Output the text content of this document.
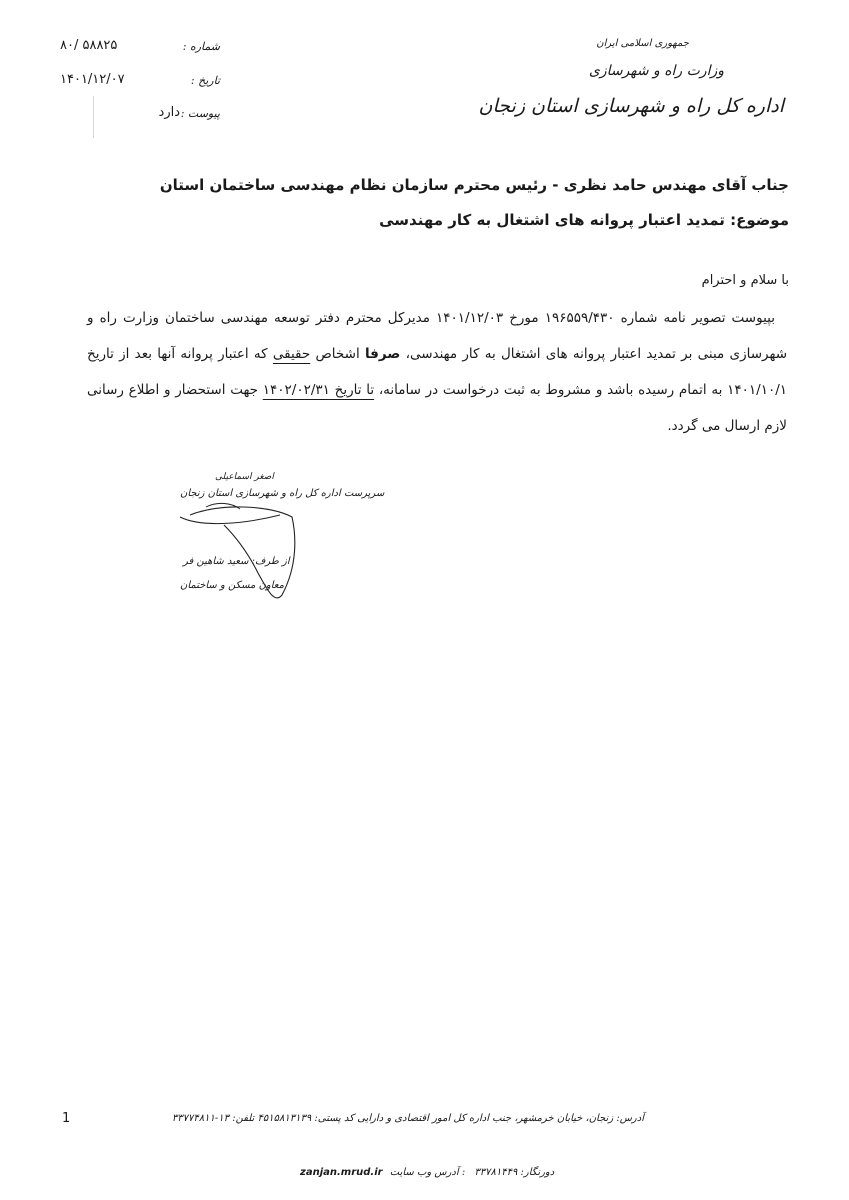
۸۰/ ۵۸۸۲۵	شماره :
۱۴۰۱/۱۲/۰۷	تاریخ :
دارد پیوست :
جمهوری اسلامی ایران
وزارت راه و شهرسازی
اداره کل راه و شهرسازی استان زنجان
جناب آقای مهندس حامد نظری - رئیس محترم سازمان نظام مهندسی ساختمان استان
موضوع: تمدید اعتبار پروانه های اشتغال به کار مهندسی
با سلام و احترام
بپیوست تصویر نامه شماره ۱۹۶۵۵۹/۴۳۰ مورخ ۱۴۰۱/۱۲/۰۳ مدیرکل محترم دفتر توسعه مهندسی ساختمان وزارت راه و شهرسازی مبنی بر تمدید اعتبار پروانه های اشتغال به کار مهندسی، صرفا اشخاص حقیقی که اعتبار پروانه آنها بعد از تاریخ ۱۴۰۱/۱۰/۱ به اتمام رسیده باشد و مشروط به ثبت درخواست در سامانه، تا تاریخ ۱۴۰۲/۰۲/۳۱ جهت استحضار و اطلاع رسانی لازم ارسال می گردد.
اصغر اسماعیلی
سرپرست اداره کل راه و شهرسازی استان زنجان
از طرف: سعید شاهین فر
معاون مسکن و ساختمان
1	آدرس: زنجان، خیابان خرمشهر، جنب اداره کل امور اقتصادی و دارایی کد پستی: ۴۵۱۵۸۱۳۱۳۹ تلفن: ۱۳-۳۳۷۷۴۸۱۱
zanjan.mrud.ir : آدرس وب سایت دورنگار: ۳۳۷۸۱۴۴۹
